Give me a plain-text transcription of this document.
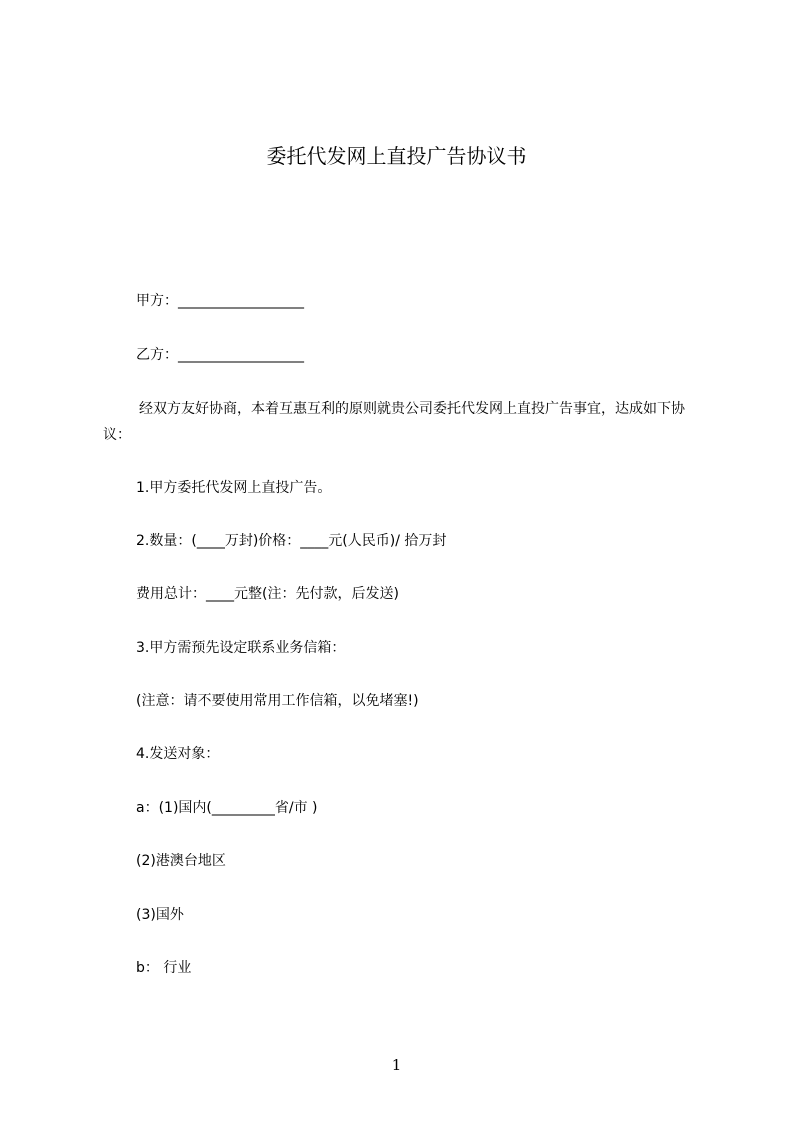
委托代发网上直投广告协议书
甲方：__________________
乙方：__________________
经双方友好协商，本着互惠互利的原则就贵公司委托代发网上直投广告事宜，达成如下协议：
1.甲方委托代发网上直投广告。
2.数量：(____万封)价格：____元(人民币)/ 拾万封
费用总计：____元整(注：先付款，后发送)
3.甲方需预先设定联系业务信箱：
(注意：请不要使用常用工作信箱，以免堵塞!)
4.发送对象：
a：(1)国内(_________省/市 )
(2)港澳台地区
(3)国外
b： 行业
1
